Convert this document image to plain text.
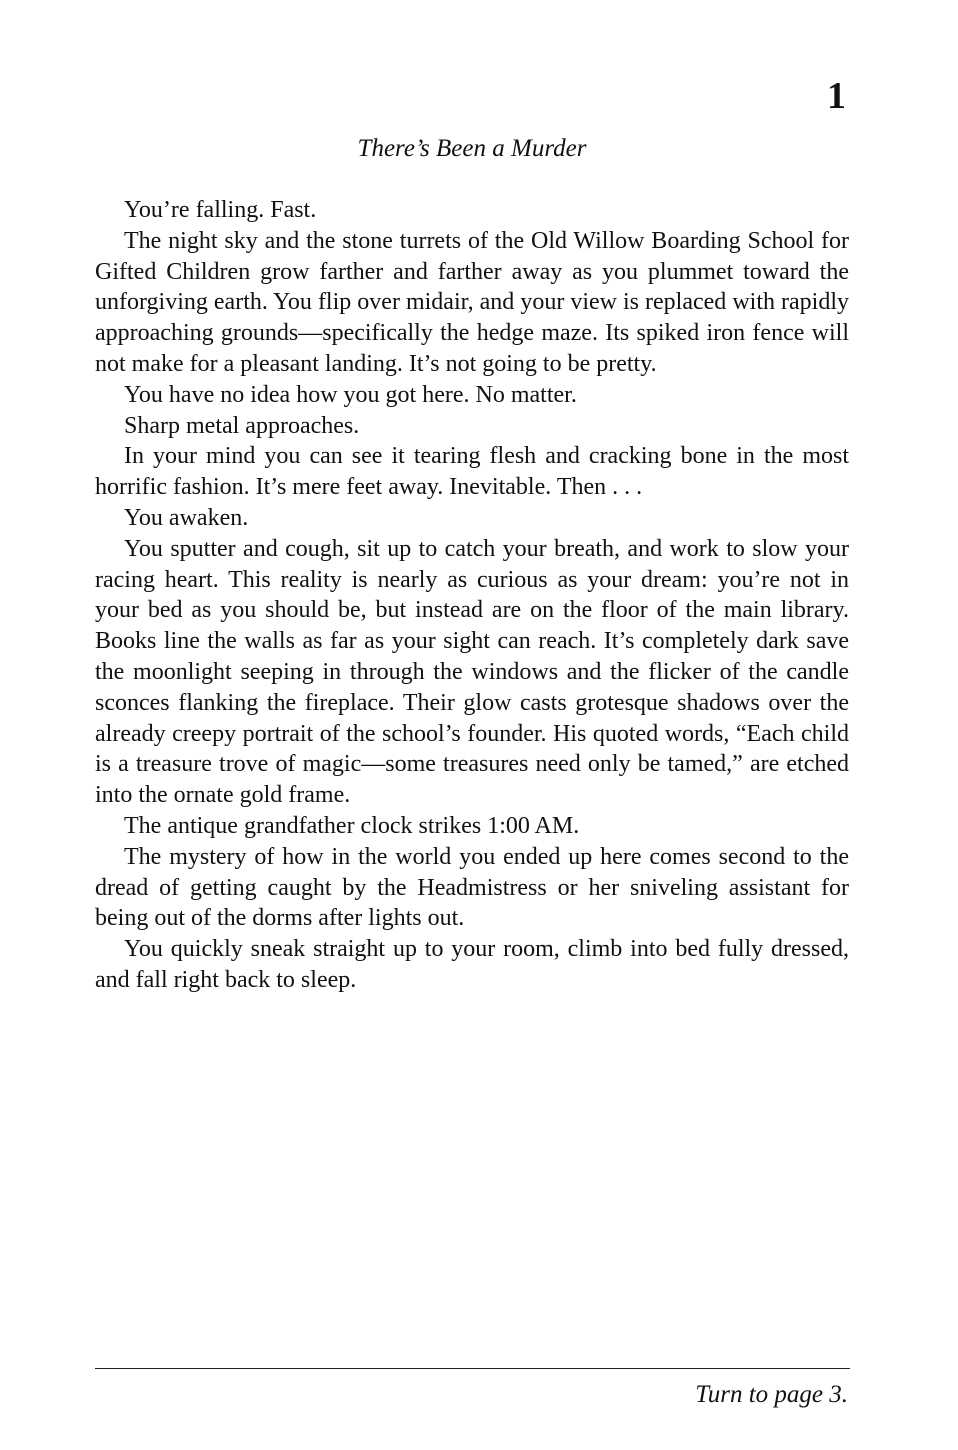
1
There’s Been a Murder

You’re falling. Fast.

The night sky and the stone turrets of the Old Willow Boarding School for Gifted Children grow farther and farther away as you plummet toward the unforgiving earth. You flip over midair, and your view is replaced with rapidly approaching grounds—specifically the hedge maze. Its spiked iron fence will not make for a pleasant landing. It’s not going to be pretty.

You have no idea how you got here. No matter.

Sharp metal approaches.

In your mind you can see it tearing flesh and cracking bone in the most horrific fashion. It’s mere feet away. Inevitable. Then . . .

You awaken.

You sputter and cough, sit up to catch your breath, and work to slow your racing heart. This reality is nearly as curious as your dream: you’re not in your bed as you should be, but instead are on the floor of the main library. Books line the walls as far as your sight can reach. It’s completely dark save the moonlight seeping in through the windows and the flicker of the candle sconces flanking the fireplace. Their glow casts grotesque shadows over the already creepy portrait of the school’s founder. His quoted words, “Each child is a treasure trove of magic—some treasures need only be tamed,” are etched into the ornate gold frame.

The antique grandfather clock strikes 1:00 AM.

The mystery of how in the world you ended up here comes second to the dread of getting caught by the Headmistress or her sniveling assistant for being out of the dorms after lights out.

You quickly sneak straight up to your room, climb into bed fully dressed, and fall right back to sleep.

Turn to page 3.
